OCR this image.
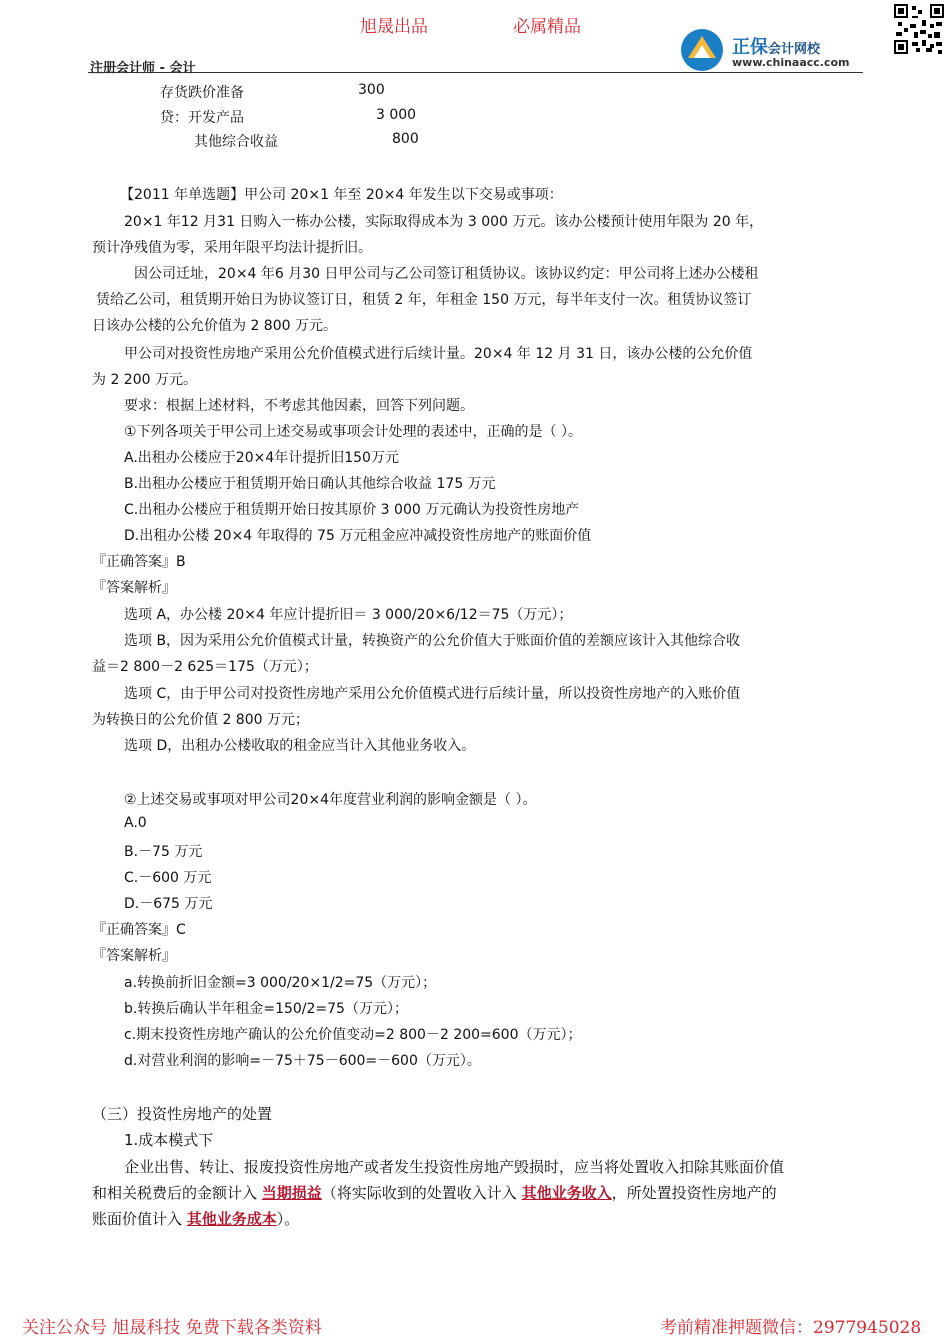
旭晟出品	必属精品
正保会计网校
www.chinaacc.com
注册会计师 - 会计
存货跌价准备	300
贷：开发产品	3 000
其他综合收益	800
【2011 年单选题】甲公司 20×1 年至 20×4 年发生以下交易或事项：
20×1 年12 月31 日购入一栋办公楼，实际取得成本为 3 000 万元。该办公楼预计使用年限为 20 年，
预计净残值为零，采用年限平均法计提折旧。
因公司迁址，20×4 年6 月30 日甲公司与乙公司签订租赁协议。该协议约定：甲公司将上述办公楼租
赁给乙公司，租赁期开始日为协议签订日，租赁 2 年，年租金 150 万元，每半年支付一次。租赁协议签订
日该办公楼的公允价值为 2 800 万元。
甲公司对投资性房地产采用公允价值模式进行后续计量。20×4 年 12 月 31 日，该办公楼的公允价值
为 2 200 万元。
要求：根据上述材料，不考虑其他因素，回答下列问题。
①下列各项关于甲公司上述交易或事项会计处理的表述中，正确的是（ ）。
A.出租办公楼应于20×4年计提折旧150万元
B.出租办公楼应于租赁期开始日确认其他综合收益 175 万元
C.出租办公楼应于租赁期开始日按其原价 3 000 万元确认为投资性房地产
D.出租办公楼 20×4 年取得的 75 万元租金应冲减投资性房地产的账面价值
『正确答案』B
『答案解析』
选项 A，办公楼 20×4 年应计提折旧＝ 3 000/20×6/12＝75（万元）；
选项 B，因为采用公允价值模式计量，转换资产的公允价值大于账面价值的差额应该计入其他综合收
益＝2 800－2 625＝175（万元）；
选项 C，由于甲公司对投资性房地产采用公允价值模式进行后续计量，所以投资性房地产的入账价值
为转换日的公允价值 2 800 万元；
选项 D，出租办公楼收取的租金应当计入其他业务收入。
②上述交易或事项对甲公司20×4年度营业利润的影响金额是（ ）。
A.0
B.－75 万元
C.－600 万元
D.－675 万元
『正确答案』C
『答案解析』
a.转换前折旧金额=3 000/20×1/2=75（万元）；
b.转换后确认半年租金=150/2=75（万元）；
c.期末投资性房地产确认的公允价值变动=2 800－2 200=600（万元）；
d.对营业利润的影响=－75＋75－600=－600（万元）。
（三）投资性房地产的处置
1.成本模式下
企业出售、转让、报废投资性房地产或者发生投资性房地产毁损时，应当将处置收入扣除其账面价值
和相关税费后的金额计入 当期损益（将实际收到的处置收入计入 其他业务收入，所处置投资性房地产的
账面价值计入 其他业务成本）。
关注公众号 旭晟科技 免费下载各类资料	考前精准押题微信：2977945028
